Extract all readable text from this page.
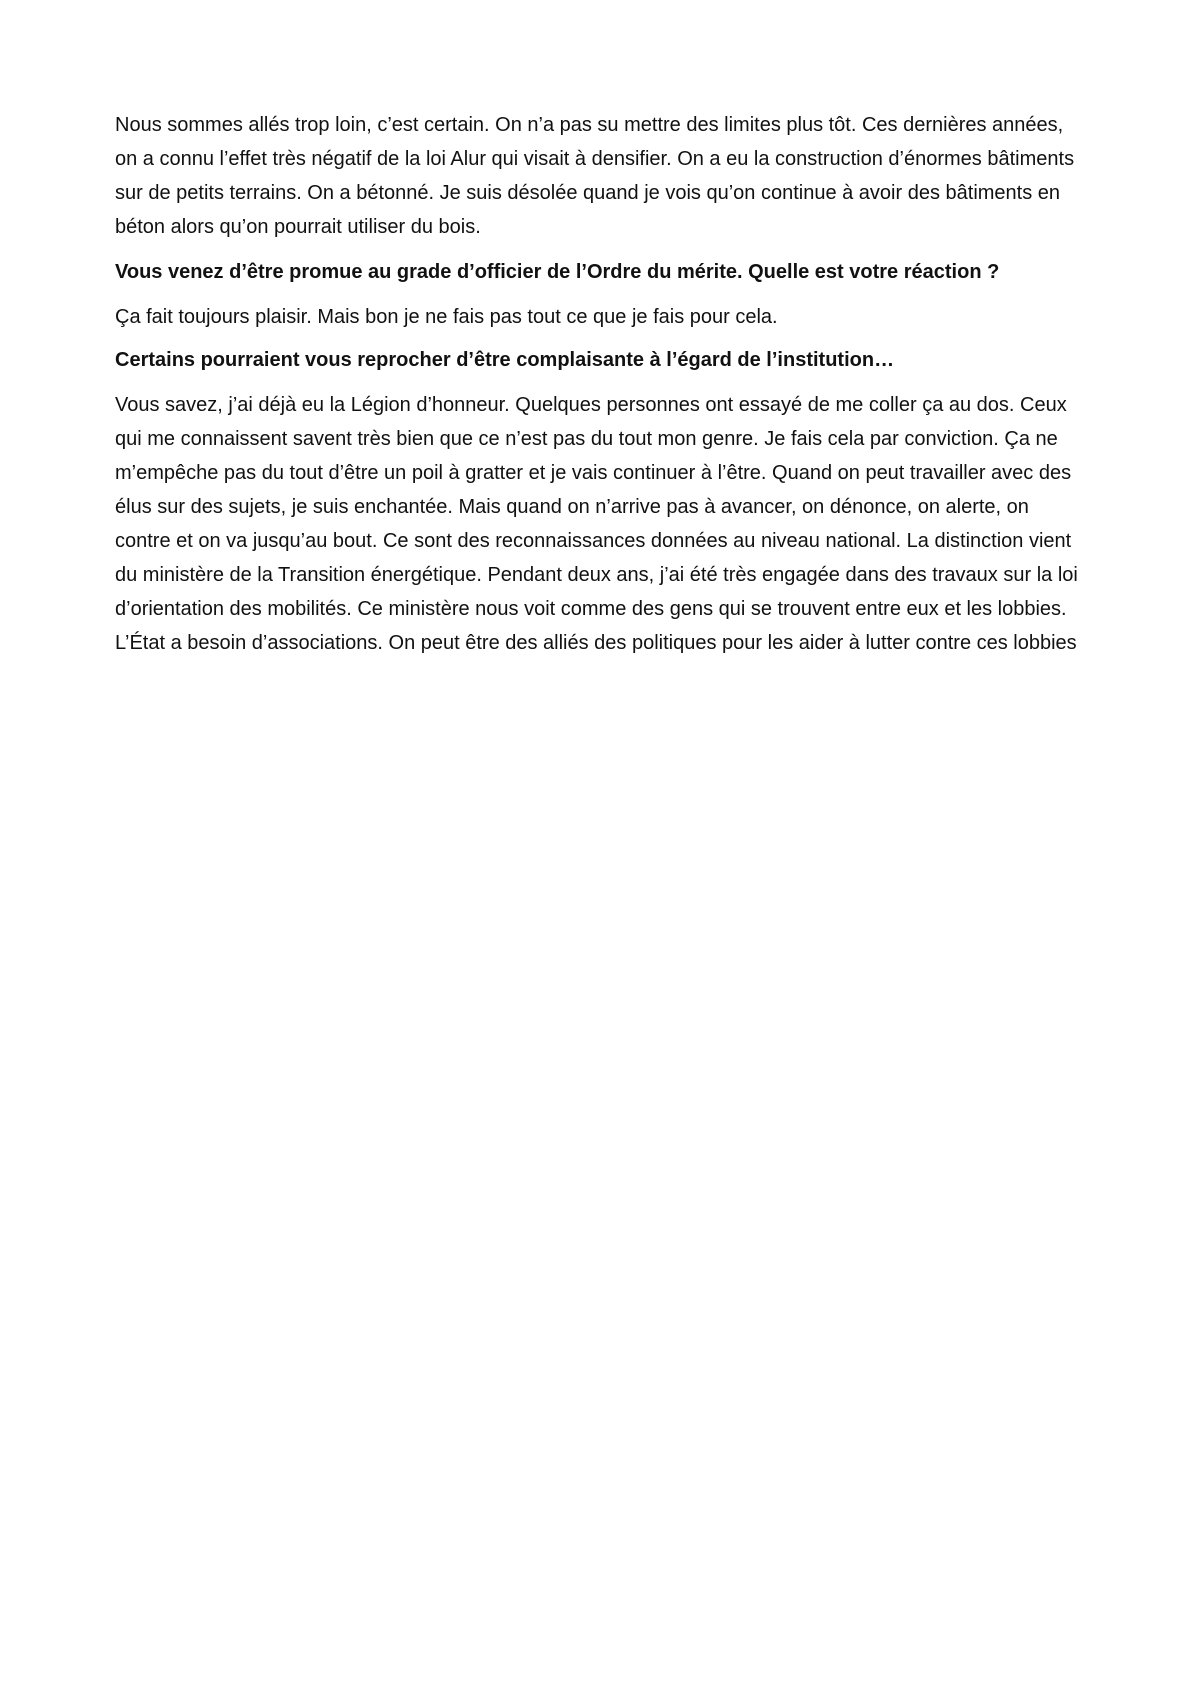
Nous sommes allés trop loin, c’est certain. On n’a pas su mettre des limites plus tôt. Ces dernières années, on a connu l’effet très négatif de la loi Alur qui visait à densifier. On a eu la construction d’énormes bâtiments sur de petits terrains. On a bétonné. Je suis désolée quand je vois qu’on continue à avoir des bâtiments en béton alors qu’on pourrait utiliser du bois.

Vous venez d’être promue au grade d’officier de l’Ordre du mérite. Quelle est votre réaction ?

Ça fait toujours plaisir. Mais bon je ne fais pas tout ce que je fais pour cela.

Certains pourraient vous reprocher d’être complaisante à l’égard de l’institution…

Vous savez, j’ai déjà eu la Légion d’honneur. Quelques personnes ont essayé de me coller ça au dos. Ceux qui me connaissent savent très bien que ce n’est pas du tout mon genre. Je fais cela par conviction. Ça ne m’empêche pas du tout d’être un poil à gratter et je vais continuer à l’être. Quand on peut travailler avec des élus sur des sujets, je suis enchantée. Mais quand on n’arrive pas à avancer, on dénonce, on alerte, on contre et on va jusqu’au bout. Ce sont des reconnaissances données au niveau national. La distinction vient du ministère de la Transition énergétique. Pendant deux ans, j’ai été très engagée dans des travaux sur la loi d’orientation des mobilités. Ce ministère nous voit comme des gens qui se trouvent entre eux et les lobbies. L’État a besoin d’associations. On peut être des alliés des politiques pour les aider à lutter contre ces lobbies
